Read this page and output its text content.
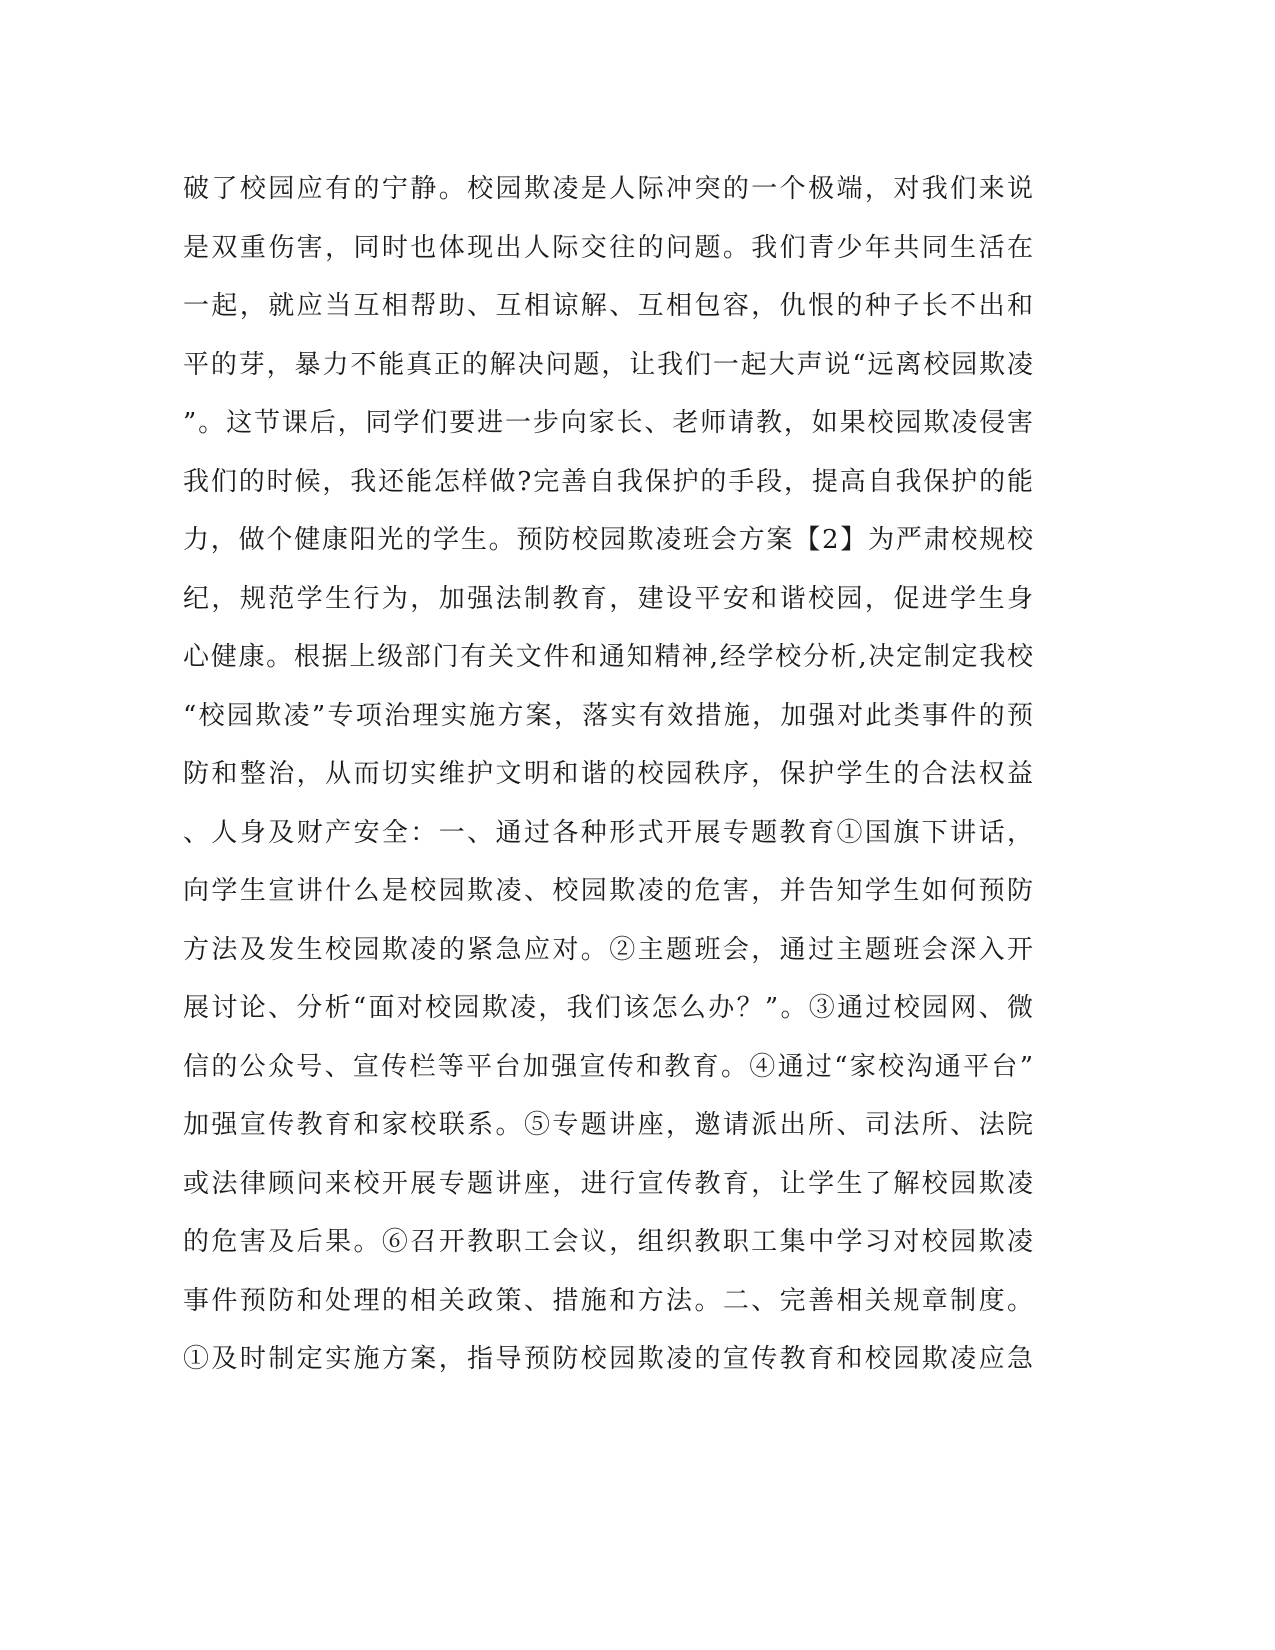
破了校园应有的宁静。校园欺凌是人际冲突的一个极端，对我们来说
是双重伤害，同时也体现出人际交往的问题。我们青少年共同生活在
一起，就应当互相帮助、互相谅解、互相包容，仇恨的种子长不出和
平的芽，暴力不能真正的解决问题，让我们一起大声说“远离校园欺凌
”。这节课后，同学们要进一步向家长、老师请教，如果校园欺凌侵害
我们的时候，我还能怎样做?完善自我保护的手段，提高自我保护的能
力，做个健康阳光的学生。预防校园欺凌班会方案【2】为严肃校规校
纪，规范学生行为，加强法制教育，建设平安和谐校园，促进学生身
心健康。根据上级部门有关文件和通知精神,经学校分析,决定制定我校
“校园欺凌”专项治理实施方案，落实有效措施，加强对此类事件的预
防和整治，从而切实维护文明和谐的校园秩序，保护学生的合法权益
、人身及财产安全：一、通过各种形式开展专题教育①国旗下讲话，
向学生宣讲什么是校园欺凌、校园欺凌的危害，并告知学生如何预防
方法及发生校园欺凌的紧急应对。②主题班会，通过主题班会深入开
展讨论、分析“面对校园欺凌，我们该怎么办？”。③通过校园网、微
信的公众号、宣传栏等平台加强宣传和教育。④通过“家校沟通平台”
加强宣传教育和家校联系。⑤专题讲座，邀请派出所、司法所、法院
或法律顾问来校开展专题讲座，进行宣传教育，让学生了解校园欺凌
的危害及后果。⑥召开教职工会议，组织教职工集中学习对校园欺凌
事件预防和处理的相关政策、措施和方法。二、完善相关规章制度。
①及时制定实施方案，指导预防校园欺凌的宣传教育和校园欺凌应急
